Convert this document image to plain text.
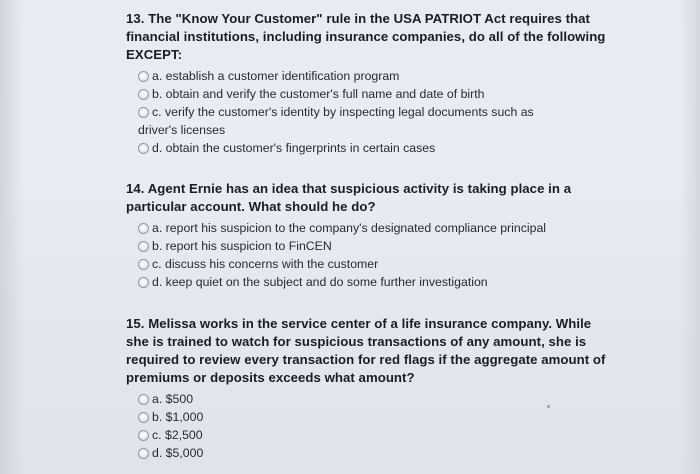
13. The "Know Your Customer" rule in the USA PATRIOT Act requires that financial institutions, including insurance companies, do all of the following EXCEPT:

a. establish a customer identification program
b. obtain and verify the customer's full name and date of birth
c. verify the customer's identity by inspecting legal documents such as driver's licenses
d. obtain the customer's fingerprints in certain cases

14. Agent Ernie has an idea that suspicious activity is taking place in a particular account. What should he do?

a. report his suspicion to the company's designated compliance principal
b. report his suspicion to FinCEN
c. discuss his concerns with the customer
d. keep quiet on the subject and do some further investigation

15. Melissa works in the service center of a life insurance company. While she is trained to watch for suspicious transactions of any amount, she is required to review every transaction for red flags if the aggregate amount of premiums or deposits exceeds what amount?

a. $500
b. $1,000
c. $2,500
d. $5,000
